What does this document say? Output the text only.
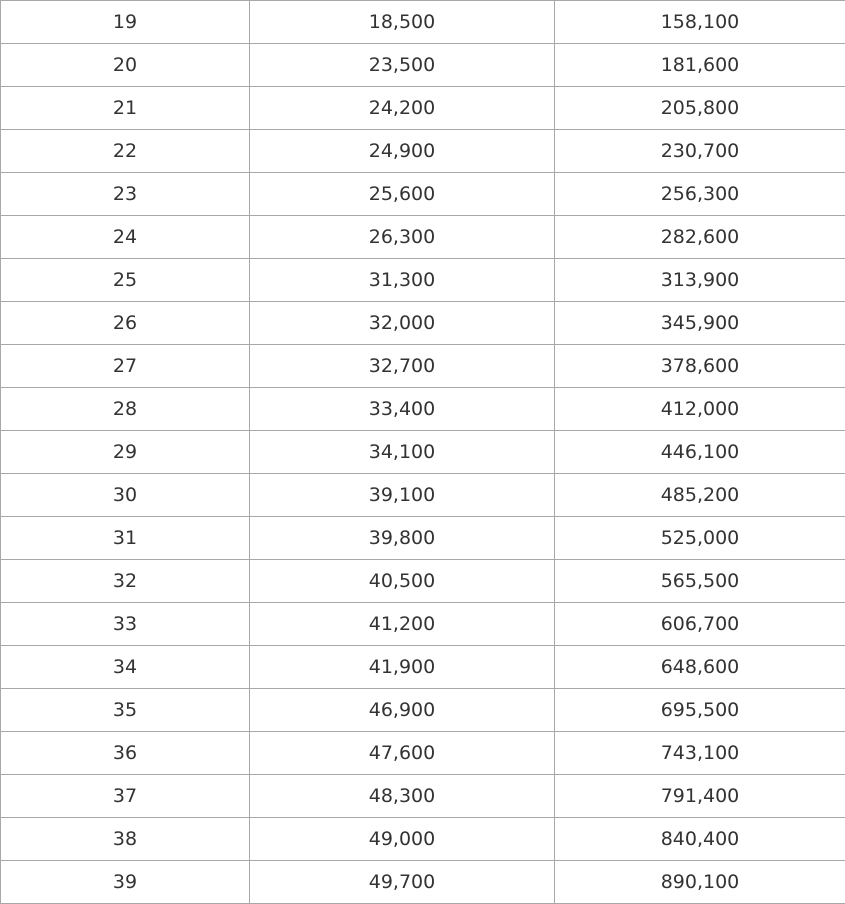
19	18,500	158,100
20	23,500	181,600
21	24,200	205,800
22	24,900	230,700
23	25,600	256,300
24	26,300	282,600
25	31,300	313,900
26	32,000	345,900
27	32,700	378,600
28	33,400	412,000
29	34,100	446,100
30	39,100	485,200
31	39,800	525,000
32	40,500	565,500
33	41,200	606,700
34	41,900	648,600
35	46,900	695,500
36	47,600	743,100
37	48,300	791,400
38	49,000	840,400
39	49,700	890,100
